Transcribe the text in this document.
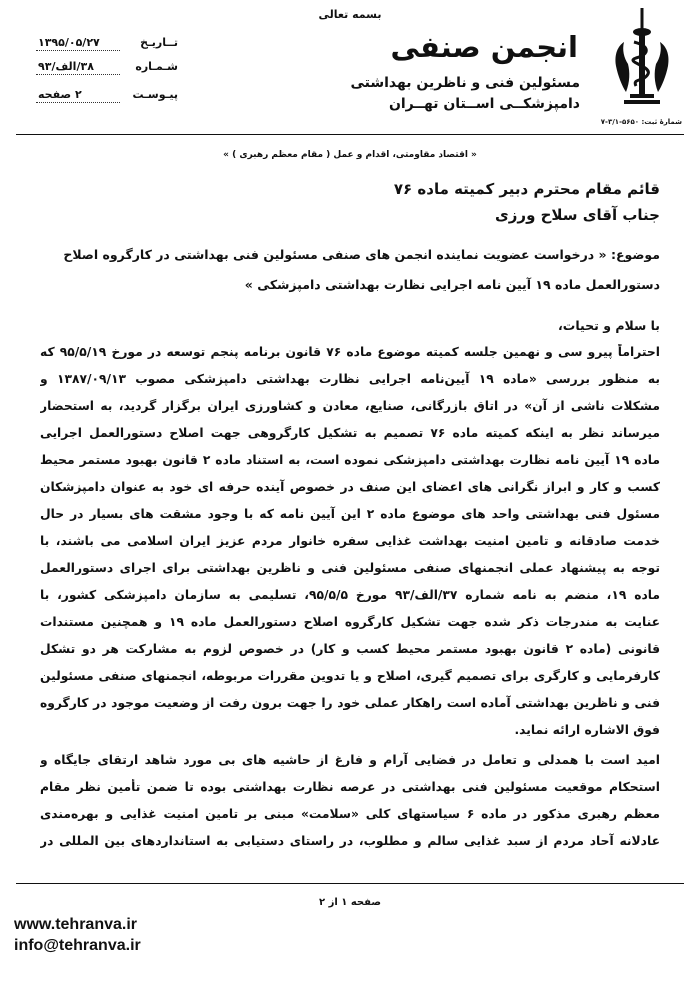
بسمه تعالی
شمارهٔ ثبت: ۵۶۵۰-۳/۱-۷
انجمن صنفی
مسئولین فنی و ناظرین بهداشتی
دامپزشکــی اســتان تهــران
تــاریـخ
۱۳۹۵/۰۵/۲۷
شـمـاره
۳۸/الف/۹۳
پیـوسـت
۲ صفحه
« اقتصاد مقاومتی، اقدام و عمل ( مقام معظم رهبری ) »
قائم مقام محترم دبیر کمیته ماده ۷۶
جناب آقای سلاح ورزی
موضوع: « درخواست عضویت نماینده انجمن های صنفی مسئولین فنی بهداشتی در کارگروه اصلاح
دستورالعمل ماده ۱۹ آیین نامه اجرایی نظارت بهداشتی دامپزشکی »
با سلام و تحیات،
احتراماً پیرو سی و نهمین جلسه کمیته موضوع ماده ۷۶ قانون برنامه پنجم توسعه در مورخ ۹۵/۵/۱۹ که
به منظور بررسی «ماده ۱۹ آیین‌نامه اجرایی نظارت بهداشتی دامپزشکی مصوب ۱۳۸۷/۰۹/۱۳ و
مشکلات ناشی از آن» در اتاق بازرگانی، صنایع، معادن و کشاورزی ایران برگزار گردید، به استحضار
میرساند نظر به اینکه کمیته ماده ۷۶ تصمیم به تشکیل کارگروهی جهت اصلاح دستورالعمل اجرایی
ماده ۱۹ آیین نامه نظارت بهداشتی دامپزشکی نموده است، به استناد ماده ۲ قانون بهبود مستمر محیط
کسب و کار و ابراز نگرانی های اعضای این صنف در خصوص آینده حرفه ای خود به عنوان دامپزشکان
مسئول فنی بهداشتی واحد های موضوع ماده ۲ این آیین نامه که با وجود مشقت های بسیار در حال
خدمت صادقانه و تامین امنیت بهداشت غذایی سفره خانوار مردم عزیز ایران اسلامی می باشند، با
توجه به پیشنهاد عملی انجمنهای صنفی مسئولین فنی و ناظرین بهداشتی برای اجرای دستورالعمل
ماده ۱۹، منضم به نامه شماره ۳۷/الف/۹۳ مورخ ۹۵/۵/۵، تسلیمی به سازمان دامپزشکی کشور، با
عنایت به مندرجات ذکر شده جهت تشکیل کارگروه اصلاح دستورالعمل ماده ۱۹ و همچنین مستندات
قانونی (ماده ۲ قانون بهبود مستمر محیط کسب و کار) در خصوص لزوم به مشارکت هر دو تشکل
کارفرمایی و کارگری برای تصمیم گیری، اصلاح و یا تدوین مقررات مربوطه، انجمنهای صنفی مسئولین
فنی و ناظرین بهداشتی آماده است راهکار عملی خود را جهت برون رفت از وضعیت موجود در کارگروه
فوق الاشاره ارائه نماید.
امید است با همدلی و تعامل در فضایی آرام و فارغ از حاشیه های بی مورد شاهد ارتقای جایگاه و
استحکام موقعیت مسئولین فنی بهداشتی در عرصه نظارت بهداشتی بوده تا ضمن تأمین نظر مقام
معظم رهبری مذکور در ماده ۶ سیاستهای کلی «سلامت» مبنی بر تامین امنیت غذایی و بهره‌مندی
عادلانه آحاد مردم از سبد غذایی سالم و مطلوب، در راستای دستیابی به استانداردهای بین المللی در
صفحه ۱ از ۲
www.tehranva.ir
info@tehranva.ir
